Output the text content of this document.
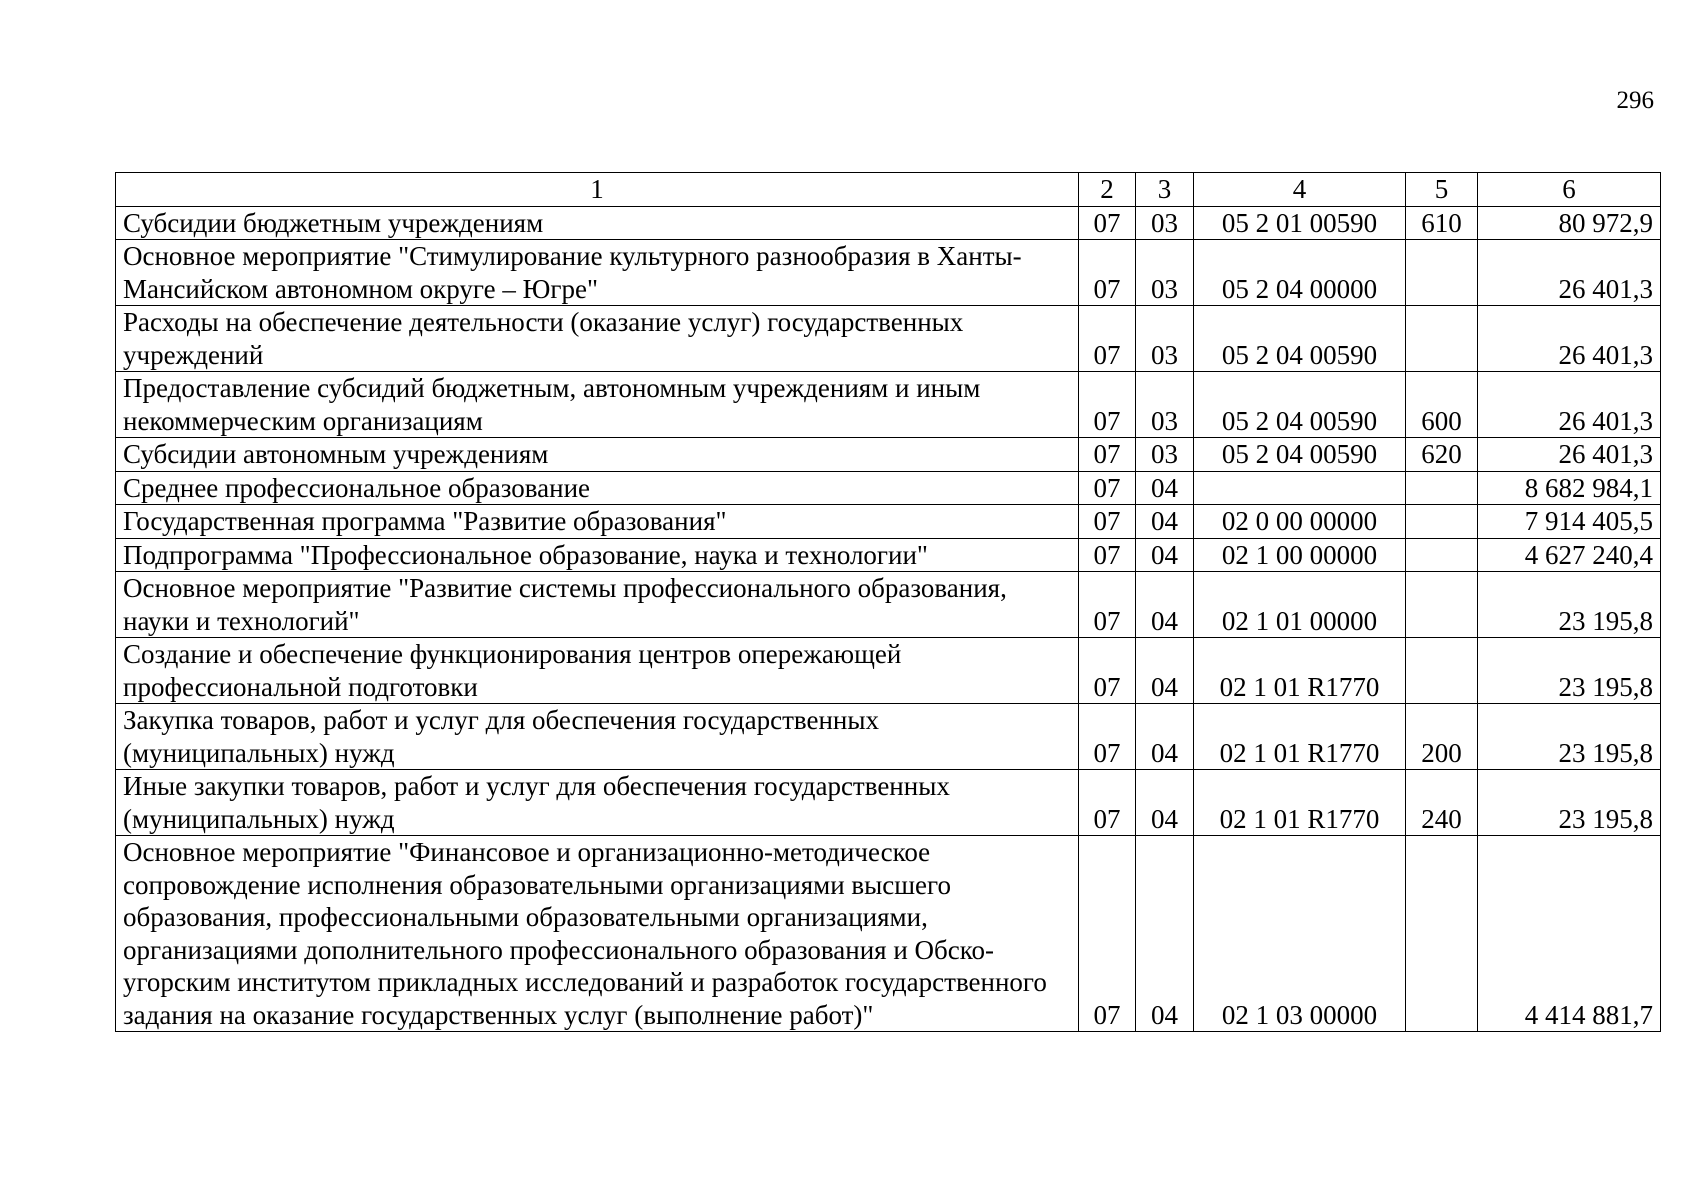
296
1	2	3	4	5	6
Субсидии бюджетным учреждениям	07	03	05 2 01 00590	610	80 972,9
Основное мероприятие "Стимулирование культурного разнообразия в Ханты-Мансийском автономном округе – Югре"	07	03	05 2 04 00000		26 401,3
Расходы на обеспечение деятельности (оказание услуг) государственных учреждений	07	03	05 2 04 00590		26 401,3
Предоставление субсидий бюджетным, автономным учреждениям и иным некоммерческим организациям	07	03	05 2 04 00590	600	26 401,3
Субсидии автономным учреждениям	07	03	05 2 04 00590	620	26 401,3
Среднее профессиональное образование	07	04			8 682 984,1
Государственная программа "Развитие образования"	07	04	02 0 00 00000		7 914 405,5
Подпрограмма "Профессиональное образование, наука и технологии"	07	04	02 1 00 00000		4 627 240,4
Основное мероприятие "Развитие системы профессионального образования, науки и технологий"	07	04	02 1 01 00000		23 195,8
Создание и обеспечение функционирования центров опережающей профессиональной подготовки	07	04	02 1 01 R1770		23 195,8
Закупка товаров, работ и услуг для обеспечения государственных (муниципальных) нужд	07	04	02 1 01 R1770	200	23 195,8
Иные закупки товаров, работ и услуг для обеспечения государственных (муниципальных) нужд	07	04	02 1 01 R1770	240	23 195,8
Основное мероприятие "Финансовое и организационно-методическое сопровождение исполнения образовательными организациями высшего образования, профессиональными образовательными организациями, организациями дополнительного профессионального образования и Обско-угорским институтом прикладных исследований и разработок государственного задания на оказание государственных услуг (выполнение работ)"	07	04	02 1 03 00000		4 414 881,7
